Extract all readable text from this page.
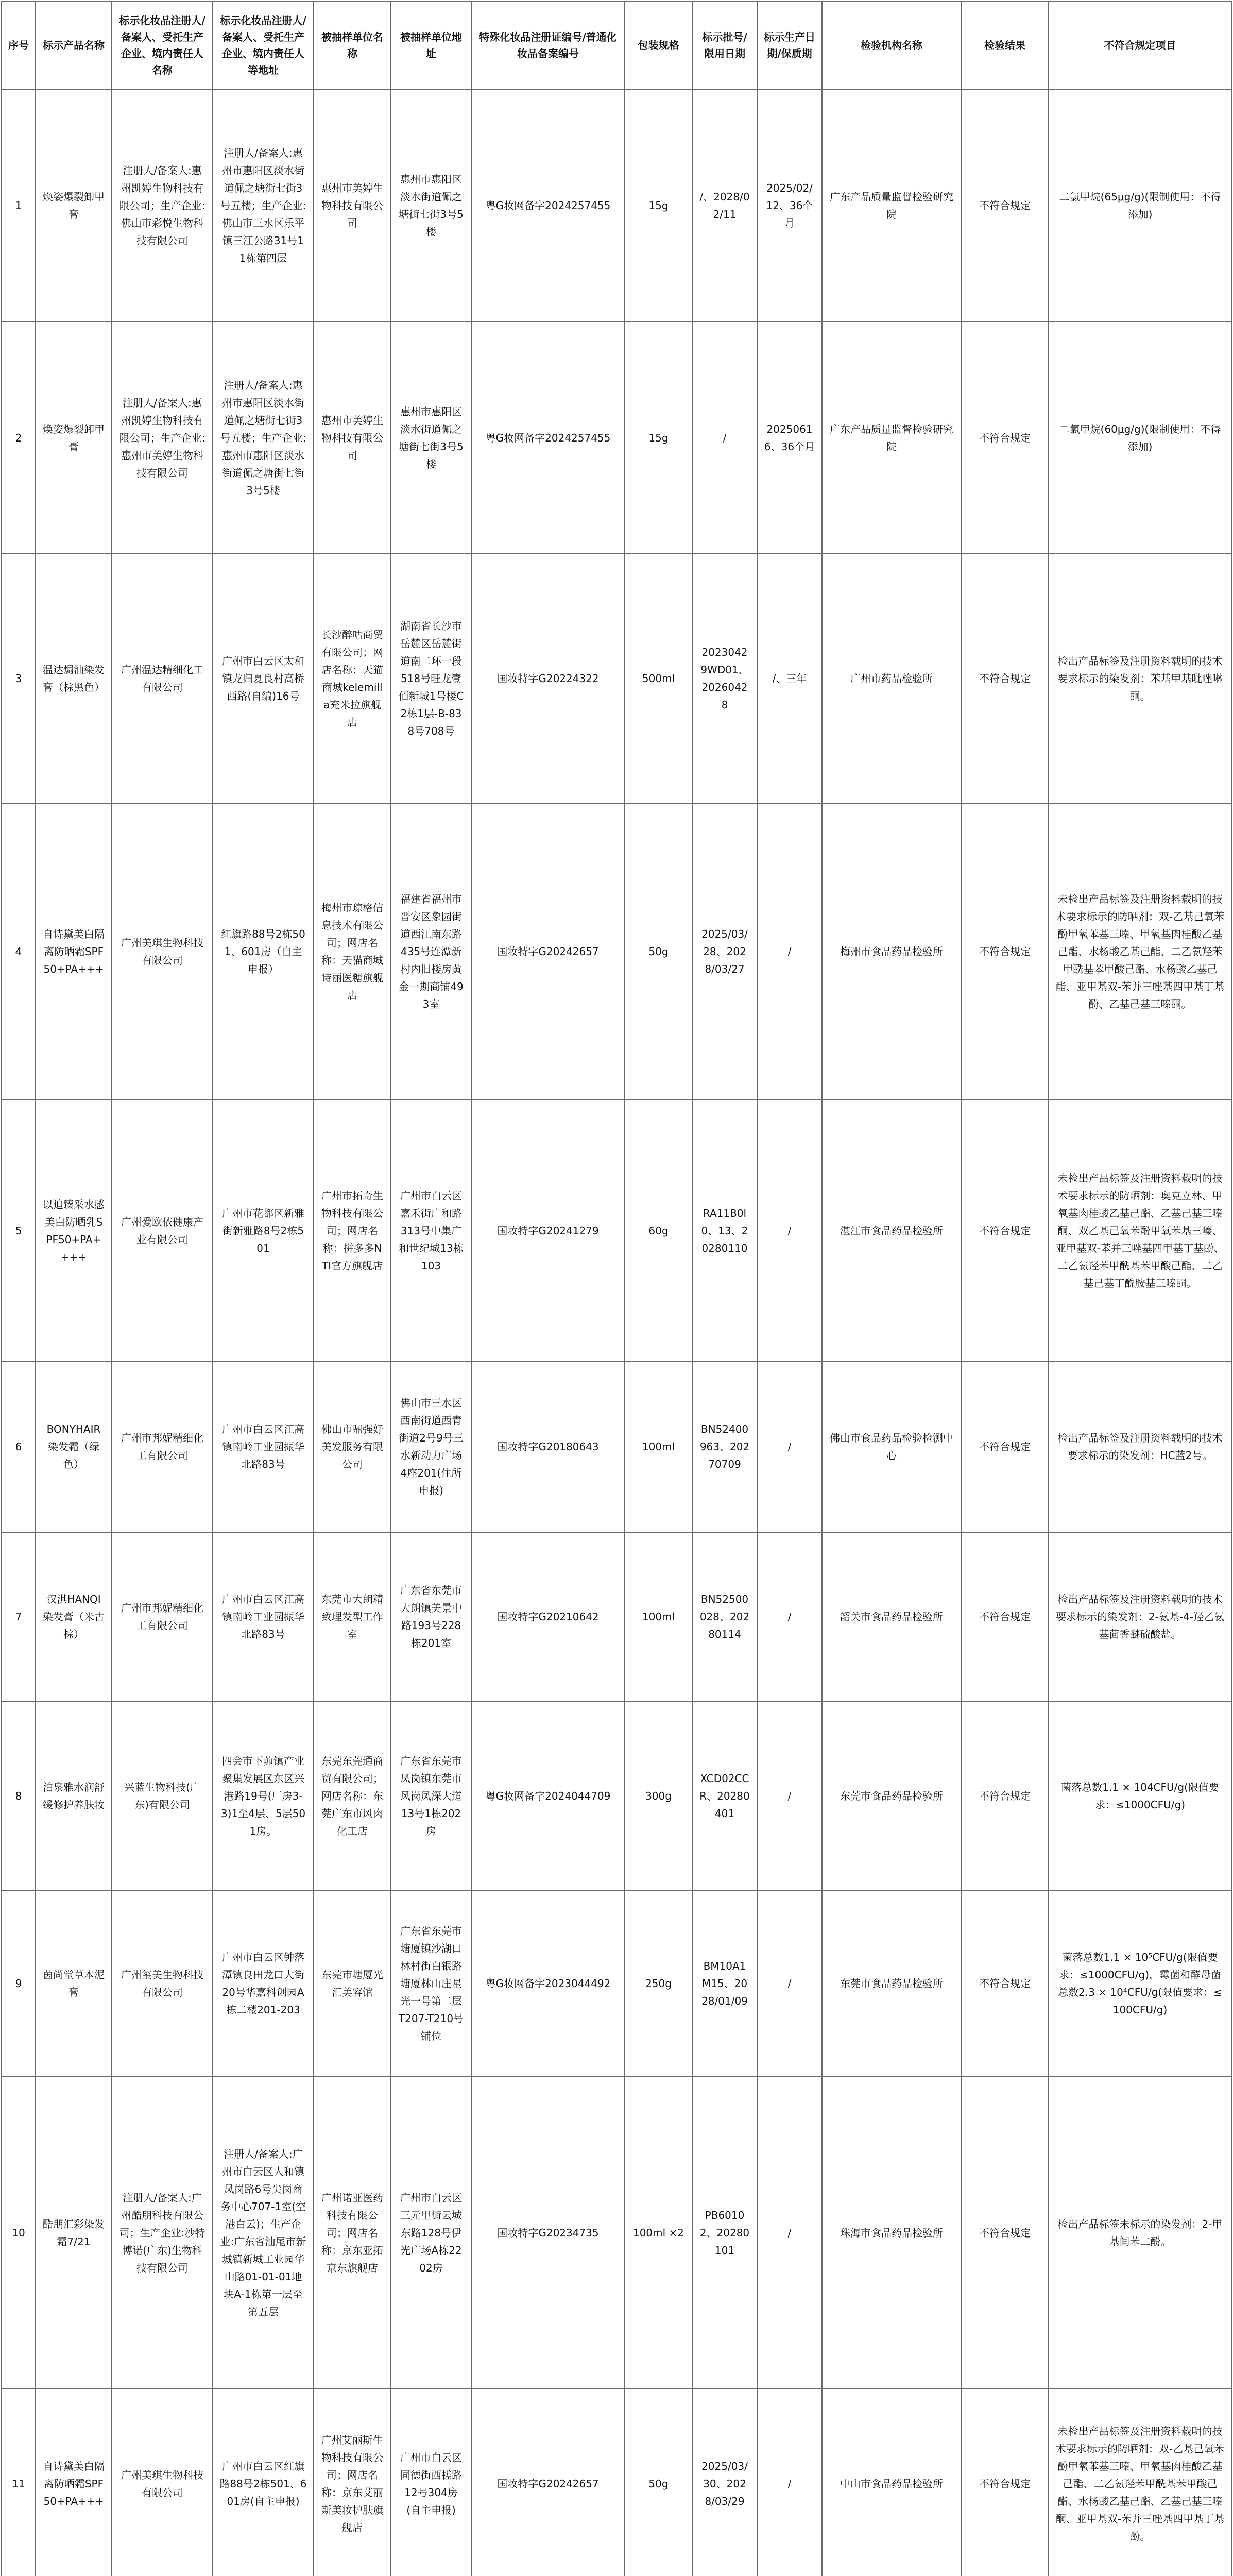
序号	标示产品名称	标示化妆品注册人/备案人、受托生产企业、境内责任人名称	标示化妆品注册人/备案人、受托生产企业、境内责任人等地址	被抽样单位名称	被抽样单位地址	特殊化妆品注册证编号/普通化妆品备案编号	包装规格	标示批号/限用日期	标示生产日期/保质期	检验机构名称	检验结果	不符合规定项目
1	焕姿爆裂卸甲膏	注册人/备案人:惠州凯婷生物科技有限公司；生产企业:佛山市彩悦生物科技有限公司	注册人/备案人:惠州市惠阳区淡水街道佩之塘街七街3号五楼；生产企业:佛山市三水区乐平镇三江公路31号11栋第四层	惠州市美婷生物科技有限公司	惠州市惠阳区淡水街道佩之塘街七街3号5楼	粤G妆网备字2024257455	15g	/、2028/02/11	2025/02/12、36个月	广东产品质量监督检验研究院	不符合规定	二氯甲烷(65μg/g)(限制使用：不得添加)
2	焕姿爆裂卸甲膏	注册人/备案人:惠州凯婷生物科技有限公司；生产企业:惠州市美婷生物科技有限公司	注册人/备案人:惠州市惠阳区淡水街道佩之塘街七街3号五楼；生产企业:惠州市惠阳区淡水街道佩之塘街七街3号5楼	惠州市美婷生物科技有限公司	惠州市惠阳区淡水街道佩之塘街七街3号5楼	粤G妆网备字2024257455	15g	/	20250616、36个月	广东产品质量监督检验研究院	不符合规定	二氯甲烷(60μg/g)(限制使用：不得添加)
3	温达焗油染发膏（棕黑色）	广州温达精细化工有限公司	广州市白云区太和镇龙归夏良村高桥西路(自编)16号	长沙醉咕商贸有限公司；网店名称：天猫商城kelemill a充米拉旗舰店	湖南省长沙市岳麓区岳麓街道南二环一段518号旺龙壹佰新城1号楼C2栋1层-B-838号708号	国妆特字G20224322	500ml	20230429WD01、20260428	/、三年	广州市药品检验所	不符合规定	检出产品标签及注册资料载明的技术要求标示的染发剂：苯基甲基吡唑啉酮。
4	自诗黛美白隔离防晒霜SPF50+PA+++	广州美琪生物科技有限公司	红旗路88号2栋501、601房（自主申报）	梅州市琼格信息技术有限公司；网店名称：天猫商城诗丽医糖旗舰店	福建省福州市晋安区象园街道西江南东路435号连潭新村内旧楼房黄金一期商铺493室	国妆特字G20242657	50g	2025/03/28、2028/03/27	/	梅州市食品药品检验所	不符合规定	未检出产品标签及注册资料载明的技术要求标示的防晒剂：双-乙基己氧苯酚甲氧苯基三嗪、甲氧基肉桂酸乙基己酯、水杨酸乙基己酯、二乙氨羟苯甲酰基苯甲酸己酯、水杨酸乙基己酯、亚甲基双-苯并三唑基四甲基丁基酚、乙基己基三嗪酮。
5	以迫臻采水感美白防晒乳SPF50+PA++++	广州爱欧依健康产业有限公司	广州市花都区新雅街新雅路8号2栋501	广州市拓奇生物科技有限公司；网店名称：拼多多NTI官方旗舰店	广州市白云区嘉禾街广和路313号中集广和世纪城13栋103	国妆特字G20241279	60g	RA11B0l0、13、20280110	/	湛江市食品药品检验所	不符合规定	未检出产品标签及注册资料载明的技术要求标示的防晒剂：奥克立林、甲氧基肉桂酸乙基己酯、乙基己基三嗪酮、双乙基己氧苯酚甲氧苯基三嗪、亚甲基双-苯并三唑基四甲基丁基酚、二乙氨羟苯甲酰基苯甲酸己酯、二乙基己基丁酰胺基三嗪酮。
6	BONYHAIR染发霜（绿色）	广州市邦妮精细化工有限公司	广州市白云区江高镇南岭工业园振华北路83号	佛山市鼎强好美发服务有限公司	佛山市三水区西南街道西青街道2号9号三水新动力广场4座201(住所申报)	国妆特字G20180643	100ml	BN52400963、20270709	/	佛山市食品药品检验检测中心	不符合规定	检出产品标签及注册资料载明的技术要求标示的染发剂：HC蓝2号。
7	汉淇HANQI染发膏（米古棕）	广州市邦妮精细化工有限公司	广州市白云区江高镇南岭工业园振华北路83号	东莞市大朗精致理发型工作室	广东省东莞市大朗镇美景中路193号228栋201室	国妆特字G20210642	100ml	BN52500028、20280114	/	韶关市食品药品检验所	不符合规定	检出产品标签及注册资料载明的技术要求标示的染发剂：2-氨基-4-羟乙氨基茴香醚硫酸盐。
8	泊泉雅水润舒缓修护养肤妆	兴蓝生物科技(广东)有限公司	四会市下茆镇产业聚集发展区东区兴港路19号(厂房3-3)1至4层、5层501房。	东莞东莞通商贸有限公司；网店名称：东莞广东市风肉化工店	广东省东莞市凤岗镇东莞市风岗凤深大道13号1栋202房	粤G妆网备字2024044709	300g	XCD02CCR、20280401	/	东莞市食品药品检验所	不符合规定	菌落总数1.1 × 104CFU/g(限值要求：≤1000CFU/g)
9	茵尚堂草本泥膏	广州玺美生物科技有限公司	广州市白云区钟落潭镇良田龙口大街20号华嘉科创园A栋二楼201-203	东莞市塘厦光汇美容馆	广东省东莞市塘厦镇沙湖口林村街白银路塘厦林山庄星光一号第二层T207-T210号铺位	粤G妆网备字2023044492	250g	BM10A1M15、2028/01/09	/	东莞市食品药品检验所	不符合规定	菌落总数1.1 × 10⁵CFU/g(限值要求：≤1000CFU/g)，霉菌和酵母菌总数2.3 × 10⁴CFU/g(限值要求：≤100CFU/g)
10	酷朋汇彩染发霜7/21	注册人/备案人:广州酷朋科技有限公司；生产企业:沙特博诺(广东)生物科技有限公司	注册人/备案人:广州市白云区人和镇凤岗路6号尖岗商务中心707-1室(空港白云)；生产企业:广东省汕尾市新城镇新城工业园华山路01-01-01地块A-1栋第一层至第五层	广州诺亚医药科技有限公司；网店名称：京东亚拓京东旗舰店	广州市白云区三元里街云城东路128号伊光广场A栋2202房	国妆特字G20234735	100ml ×2	PB60102、20280101	/	珠海市食品药品检验所	不符合规定	检出产品标签未标示的染发剂：2-甲基间苯二酚。
11	自诗黛美白隔离防晒霜SPF50+PA+++	广州美琪生物科技有限公司	广州市白云区红旗路88号2栋501、601房(自主申报)	广州艾丽斯生物科技有限公司；网店名称：京东艾丽斯美妆护肤旗舰店	广州市白云区同德街西槎路12号304房(自主申报)	国妆特字G20242657	50g	2025/03/30、2028/03/29	/	中山市食品药品检验所	不符合规定	未检出产品标签及注册资料载明的技术要求标示的防晒剂：双-乙基己氧苯酚甲氧苯基三嗪、甲氧基肉桂酸乙基己酯、二乙氨羟苯甲酰基苯甲酸己酯、水杨酸乙基己酯、乙基己基三嗪酮、亚甲基双-苯并三唑基四甲基丁基酚。
